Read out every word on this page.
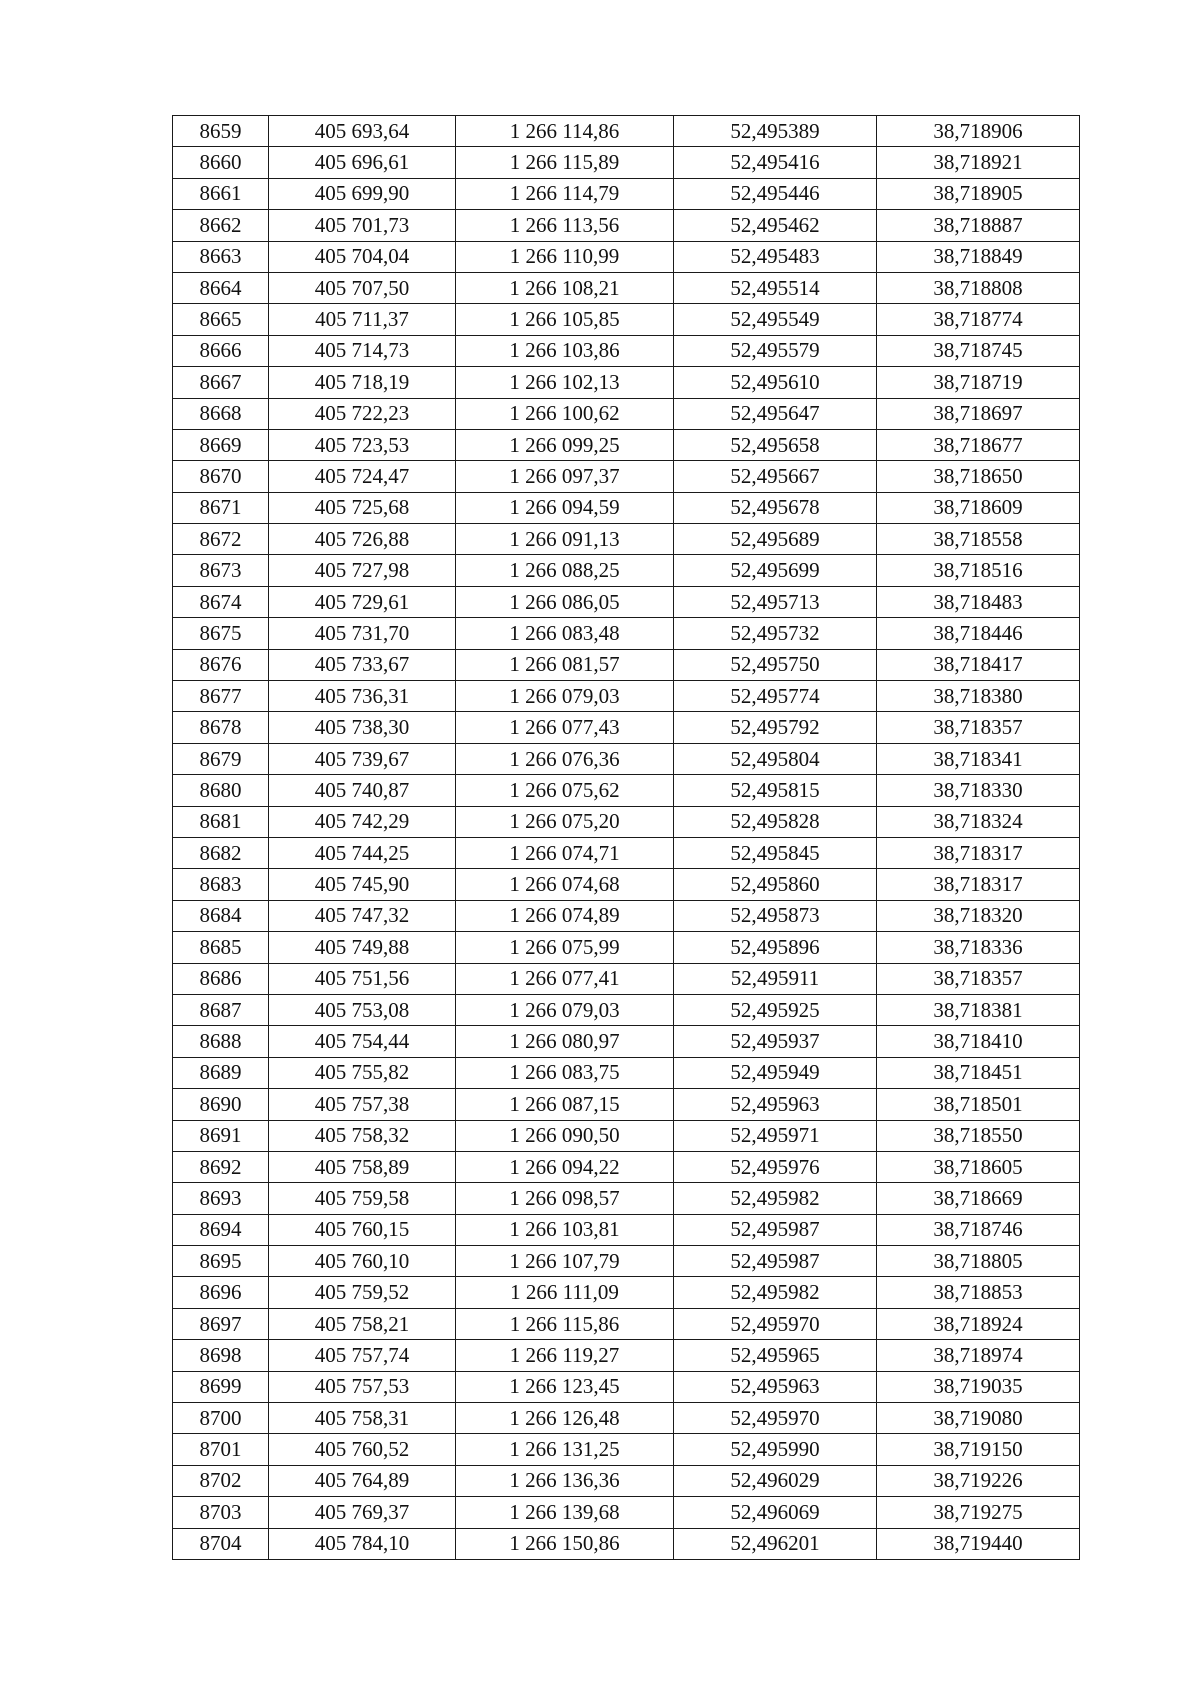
8659	405 693,64	1 266 114,86	52,495389	38,718906
8660	405 696,61	1 266 115,89	52,495416	38,718921
8661	405 699,90	1 266 114,79	52,495446	38,718905
8662	405 701,73	1 266 113,56	52,495462	38,718887
8663	405 704,04	1 266 110,99	52,495483	38,718849
8664	405 707,50	1 266 108,21	52,495514	38,718808
8665	405 711,37	1 266 105,85	52,495549	38,718774
8666	405 714,73	1 266 103,86	52,495579	38,718745
8667	405 718,19	1 266 102,13	52,495610	38,718719
8668	405 722,23	1 266 100,62	52,495647	38,718697
8669	405 723,53	1 266 099,25	52,495658	38,718677
8670	405 724,47	1 266 097,37	52,495667	38,718650
8671	405 725,68	1 266 094,59	52,495678	38,718609
8672	405 726,88	1 266 091,13	52,495689	38,718558
8673	405 727,98	1 266 088,25	52,495699	38,718516
8674	405 729,61	1 266 086,05	52,495713	38,718483
8675	405 731,70	1 266 083,48	52,495732	38,718446
8676	405 733,67	1 266 081,57	52,495750	38,718417
8677	405 736,31	1 266 079,03	52,495774	38,718380
8678	405 738,30	1 266 077,43	52,495792	38,718357
8679	405 739,67	1 266 076,36	52,495804	38,718341
8680	405 740,87	1 266 075,62	52,495815	38,718330
8681	405 742,29	1 266 075,20	52,495828	38,718324
8682	405 744,25	1 266 074,71	52,495845	38,718317
8683	405 745,90	1 266 074,68	52,495860	38,718317
8684	405 747,32	1 266 074,89	52,495873	38,718320
8685	405 749,88	1 266 075,99	52,495896	38,718336
8686	405 751,56	1 266 077,41	52,495911	38,718357
8687	405 753,08	1 266 079,03	52,495925	38,718381
8688	405 754,44	1 266 080,97	52,495937	38,718410
8689	405 755,82	1 266 083,75	52,495949	38,718451
8690	405 757,38	1 266 087,15	52,495963	38,718501
8691	405 758,32	1 266 090,50	52,495971	38,718550
8692	405 758,89	1 266 094,22	52,495976	38,718605
8693	405 759,58	1 266 098,57	52,495982	38,718669
8694	405 760,15	1 266 103,81	52,495987	38,718746
8695	405 760,10	1 266 107,79	52,495987	38,718805
8696	405 759,52	1 266 111,09	52,495982	38,718853
8697	405 758,21	1 266 115,86	52,495970	38,718924
8698	405 757,74	1 266 119,27	52,495965	38,718974
8699	405 757,53	1 266 123,45	52,495963	38,719035
8700	405 758,31	1 266 126,48	52,495970	38,719080
8701	405 760,52	1 266 131,25	52,495990	38,719150
8702	405 764,89	1 266 136,36	52,496029	38,719226
8703	405 769,37	1 266 139,68	52,496069	38,719275
8704	405 784,10	1 266 150,86	52,496201	38,719440
